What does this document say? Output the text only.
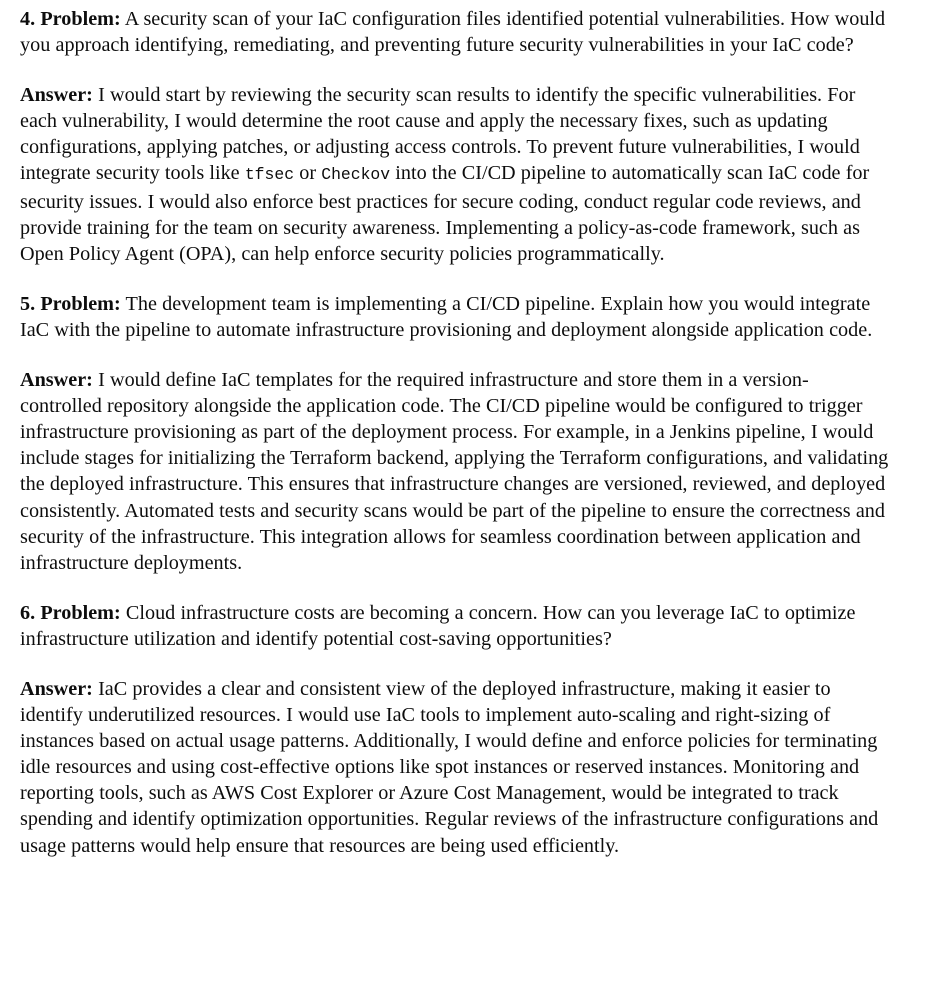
4. Problem: A security scan of your IaC configuration files identified potential vulnerabilities. How would you approach identifying, remediating, and preventing future security vulnerabilities in your IaC code?

Answer: I would start by reviewing the security scan results to identify the specific vulnerabilities. For each vulnerability, I would determine the root cause and apply the necessary fixes, such as updating configurations, applying patches, or adjusting access controls. To prevent future vulnerabilities, I would integrate security tools like tfsec or Checkov into the CI/CD pipeline to automatically scan IaC code for security issues. I would also enforce best practices for secure coding, conduct regular code reviews, and provide training for the team on security awareness. Implementing a policy-as-code framework, such as Open Policy Agent (OPA), can help enforce security policies programmatically.

5. Problem: The development team is implementing a CI/CD pipeline. Explain how you would integrate IaC with the pipeline to automate infrastructure provisioning and deployment alongside application code.

Answer: I would define IaC templates for the required infrastructure and store them in a version-controlled repository alongside the application code. The CI/CD pipeline would be configured to trigger infrastructure provisioning as part of the deployment process. For example, in a Jenkins pipeline, I would include stages for initializing the Terraform backend, applying the Terraform configurations, and validating the deployed infrastructure. This ensures that infrastructure changes are versioned, reviewed, and deployed consistently. Automated tests and security scans would be part of the pipeline to ensure the correctness and security of the infrastructure. This integration allows for seamless coordination between application and infrastructure deployments.

6. Problem: Cloud infrastructure costs are becoming a concern. How can you leverage IaC to optimize infrastructure utilization and identify potential cost-saving opportunities?

Answer: IaC provides a clear and consistent view of the deployed infrastructure, making it easier to identify underutilized resources. I would use IaC tools to implement auto-scaling and right-sizing of instances based on actual usage patterns. Additionally, I would define and enforce policies for terminating idle resources and using cost-effective options like spot instances or reserved instances. Monitoring and reporting tools, such as AWS Cost Explorer or Azure Cost Management, would be integrated to track spending and identify optimization opportunities. Regular reviews of the infrastructure configurations and usage patterns would help ensure that resources are being used efficiently.
